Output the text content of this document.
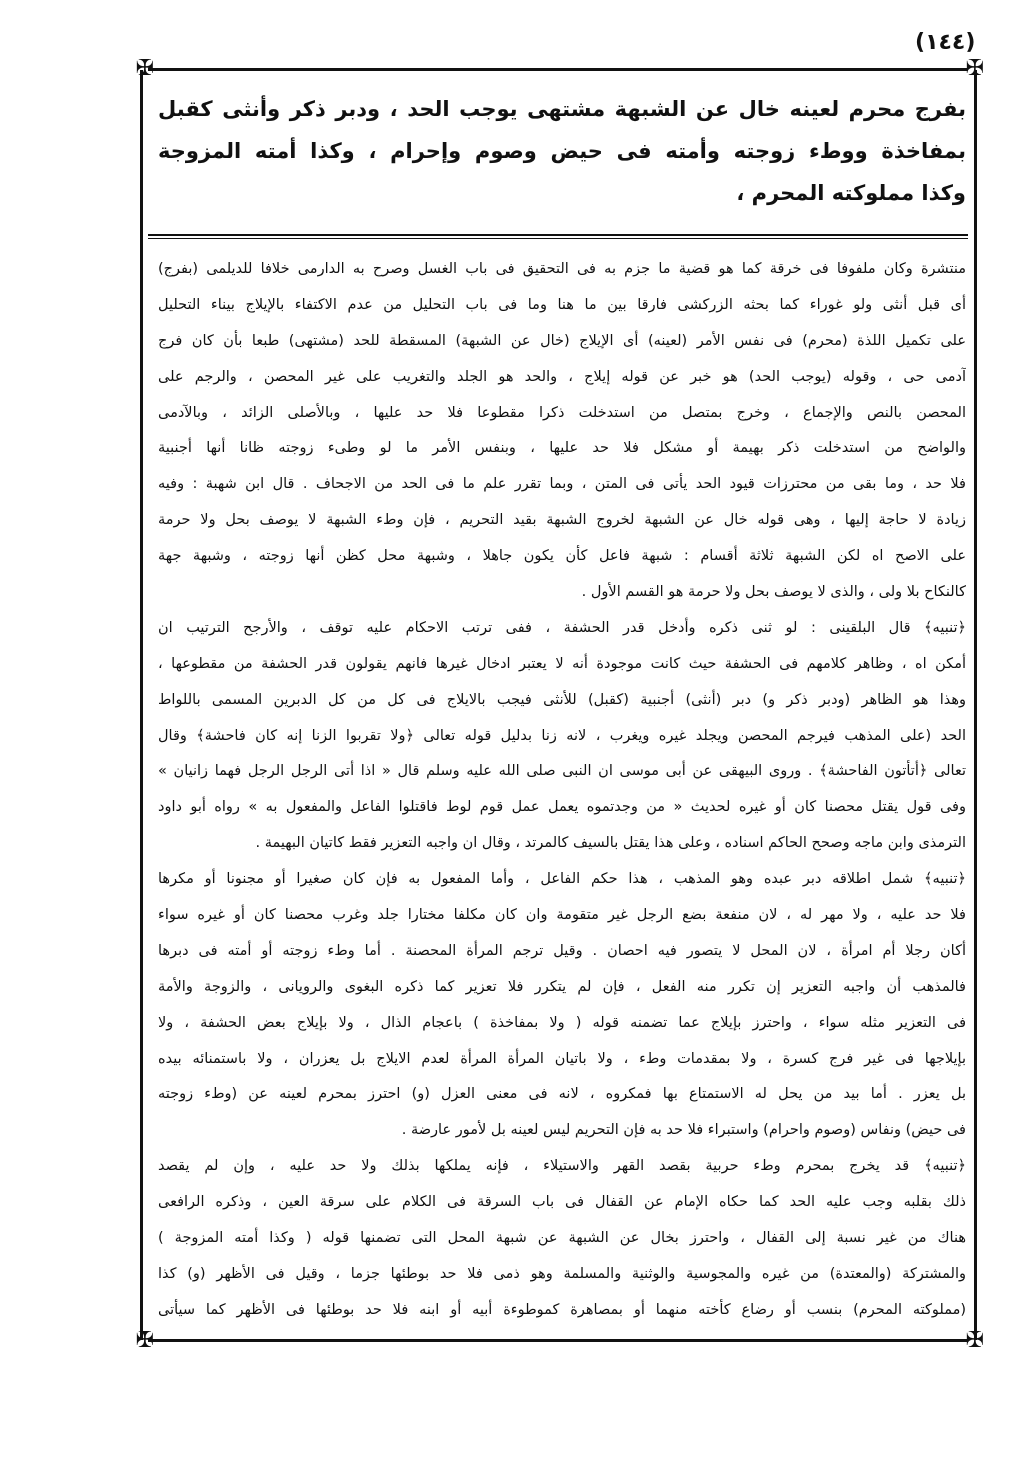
(١٤٤)
✠	✠
✠	✠
بفرج محرم لعينه خال عن الشبهة مشتهى يوجب الحد ، ودبر ذكر وأنثى كقبل
بمفاخذة ووطء زوجته وأمته فى حيض وصوم وإحرام ، وكذا أمته المزوجة
وكذا مملوكته المحرم ،
منتشرة وكان ملفوفا فى خرقة كما هو قضية ما جزم به فى التحقيق فى باب الغسل وصرح به الدارمى خلافا للديلمى (بفرج)
أى قبل أنثى ولو غوراء كما بحثه الزركشى فارقا بين ما هنا وما فى باب التحليل من عدم الاكتفاء بالإيلاج بيناء التحليل
على تكميل اللذة (محرم) فى نفس الأمر (لعينه) أى الإيلاج (خال عن الشبهة) المسقطة للحد (مشتهى) طبعا بأن كان فرج
آدمى حى ، وقوله (يوجب الحد) هو خبر عن قوله إيلاج ، والحد هو الجلد والتغريب على غير المحصن ، والرجم على
المحصن بالنص والإجماع ، وخرج بمتصل من استدخلت ذكرا مقطوعا فلا حد عليها ، وبالأصلى الزائد ، وبالآدمى
والواضح من استدخلت ذكر بهيمة أو مشكل فلا حد عليها ، وبنفس الأمر ما لو وطىء زوجته ظانا أنها أجنبية
فلا حد ، وما بقى من محترزات قيود الحد يأتى فى المتن ، وبما تقرر علم ما فى الحد من الاجحاف . قال ابن شهبة : وفيه
زيادة لا حاجة إليها ، وهى قوله خال عن الشبهة لخروج الشبهة بقيد التحريم ، فإن وطء الشبهة لا يوصف بحل ولا حرمة
على الاصح اه لكن الشبهة ثلاثة أقسام : شبهة فاعل كأن يكون جاهلا ، وشبهة محل كظن أنها زوجته ، وشبهة جهة
كالنكاح بلا ولى ، والذى لا يوصف بحل ولا حرمة هو القسم الأول .
﴿تنبيه﴾ قال البلقينى : لو ثنى ذكره وأدخل قدر الحشفة ، ففى ترتب الاحكام عليه توقف ، والأرجح الترتيب ان
أمكن اه ، وظاهر كلامهم فى الحشفة حيث كانت موجودة أنه لا يعتبر ادخال غيرها فانهم يقولون قدر الحشفة من مقطوعها ،
وهذا هو الظاهر (ودبر ذكر و) دبر (أنثى) أجنبية (كقبل) للأنثى فيجب بالايلاج فى كل من كل الدبرين المسمى باللواط
الحد (على المذهب فيرجم المحصن ويجلد غيره ويغرب ، لانه زنا بدليل قوله تعالى ﴿ولا تقربوا الزنا إنه كان فاحشة﴾ وقال
تعالى ﴿أتأتون الفاحشة﴾ . وروى البيهقى عن أبى موسى ان النبى صلى الله عليه وسلم قال « اذا أتى الرجل الرجل فهما زانيان »
وفى قول يقتل محصنا كان أو غيره لحديث « من وجدتموه يعمل عمل قوم لوط فاقتلوا الفاعل والمفعول به » رواه أبو داود
الترمذى وابن ماجه وصحح الحاكم اسناده ، وعلى هذا يقتل بالسيف كالمرتد ، وقال ان واجبه التعزير فقط كاتيان البهيمة .
﴿تنبيه﴾ شمل اطلاقه دبر عبده وهو المذهب ، هذا حكم الفاعل ، وأما المفعول به فإن كان صغيرا أو مجنونا أو مكرها
فلا حد عليه ، ولا مهر له ، لان منفعة بضع الرجل غير متقومة وان كان مكلفا مختارا جلد وغرب محصنا كان أو غيره سواء
أكان رجلا أم امرأة ، لان المحل لا يتصور فيه احصان . وقيل ترجم المرأة المحصنة . أما وطء زوجته أو أمته فى دبرها
فالمذهب أن واجبه التعزير إن تكرر منه الفعل ، فإن لم يتكرر فلا تعزير كما ذكره البغوى والرويانى ، والزوجة والأمة
فى التعزير مثله سواء ، واحترز بإيلاج عما تضمنه قوله ( ولا بمفاخذة ) باعجام الذال ، ولا بإيلاج بعض الحشفة ، ولا
بإيلاجها فى غير فرج كسرة ، ولا بمقدمات وطء ، ولا باتيان المرأة المرأة لعدم الايلاج بل يعزران ، ولا باستمنائه بيده
بل يعزر . أما بيد من يحل له الاستمتاع بها فمكروه ، لانه فى معنى العزل (و) احترز بمحرم لعينه عن (وطء زوجته
فى حيض) ونفاس (وصوم واحرام) واستبراء فلا حد به فإن التحريم ليس لعينه بل لأمور عارضة .
﴿تنبيه﴾ قد يخرج بمحرم وطء حربية بقصد القهر والاستيلاء ، فإنه يملكها بذلك ولا حد عليه ، وإن لم يقصد
ذلك بقلبه وجب عليه الحد كما حكاه الإمام عن القفال فى باب السرقة فى الكلام على سرقة العين ، وذكره الرافعى
هناك من غير نسبة إلى القفال ، واحترز بخال عن الشبهة عن شبهة المحل التى تضمنها قوله ( وكذا أمته المزوجة )
والمشتركة (والمعتدة) من غيره والمجوسية والوثنية والمسلمة وهو ذمى فلا حد بوطئها جزما ، وقيل فى الأظهر (و) كذا
(مملوكته المحرم) بنسب أو رضاع كأخته منهما أو بمصاهرة كموطوءة أبيه أو ابنه فلا حد بوطئها فى الأظهر كما سيأتى
